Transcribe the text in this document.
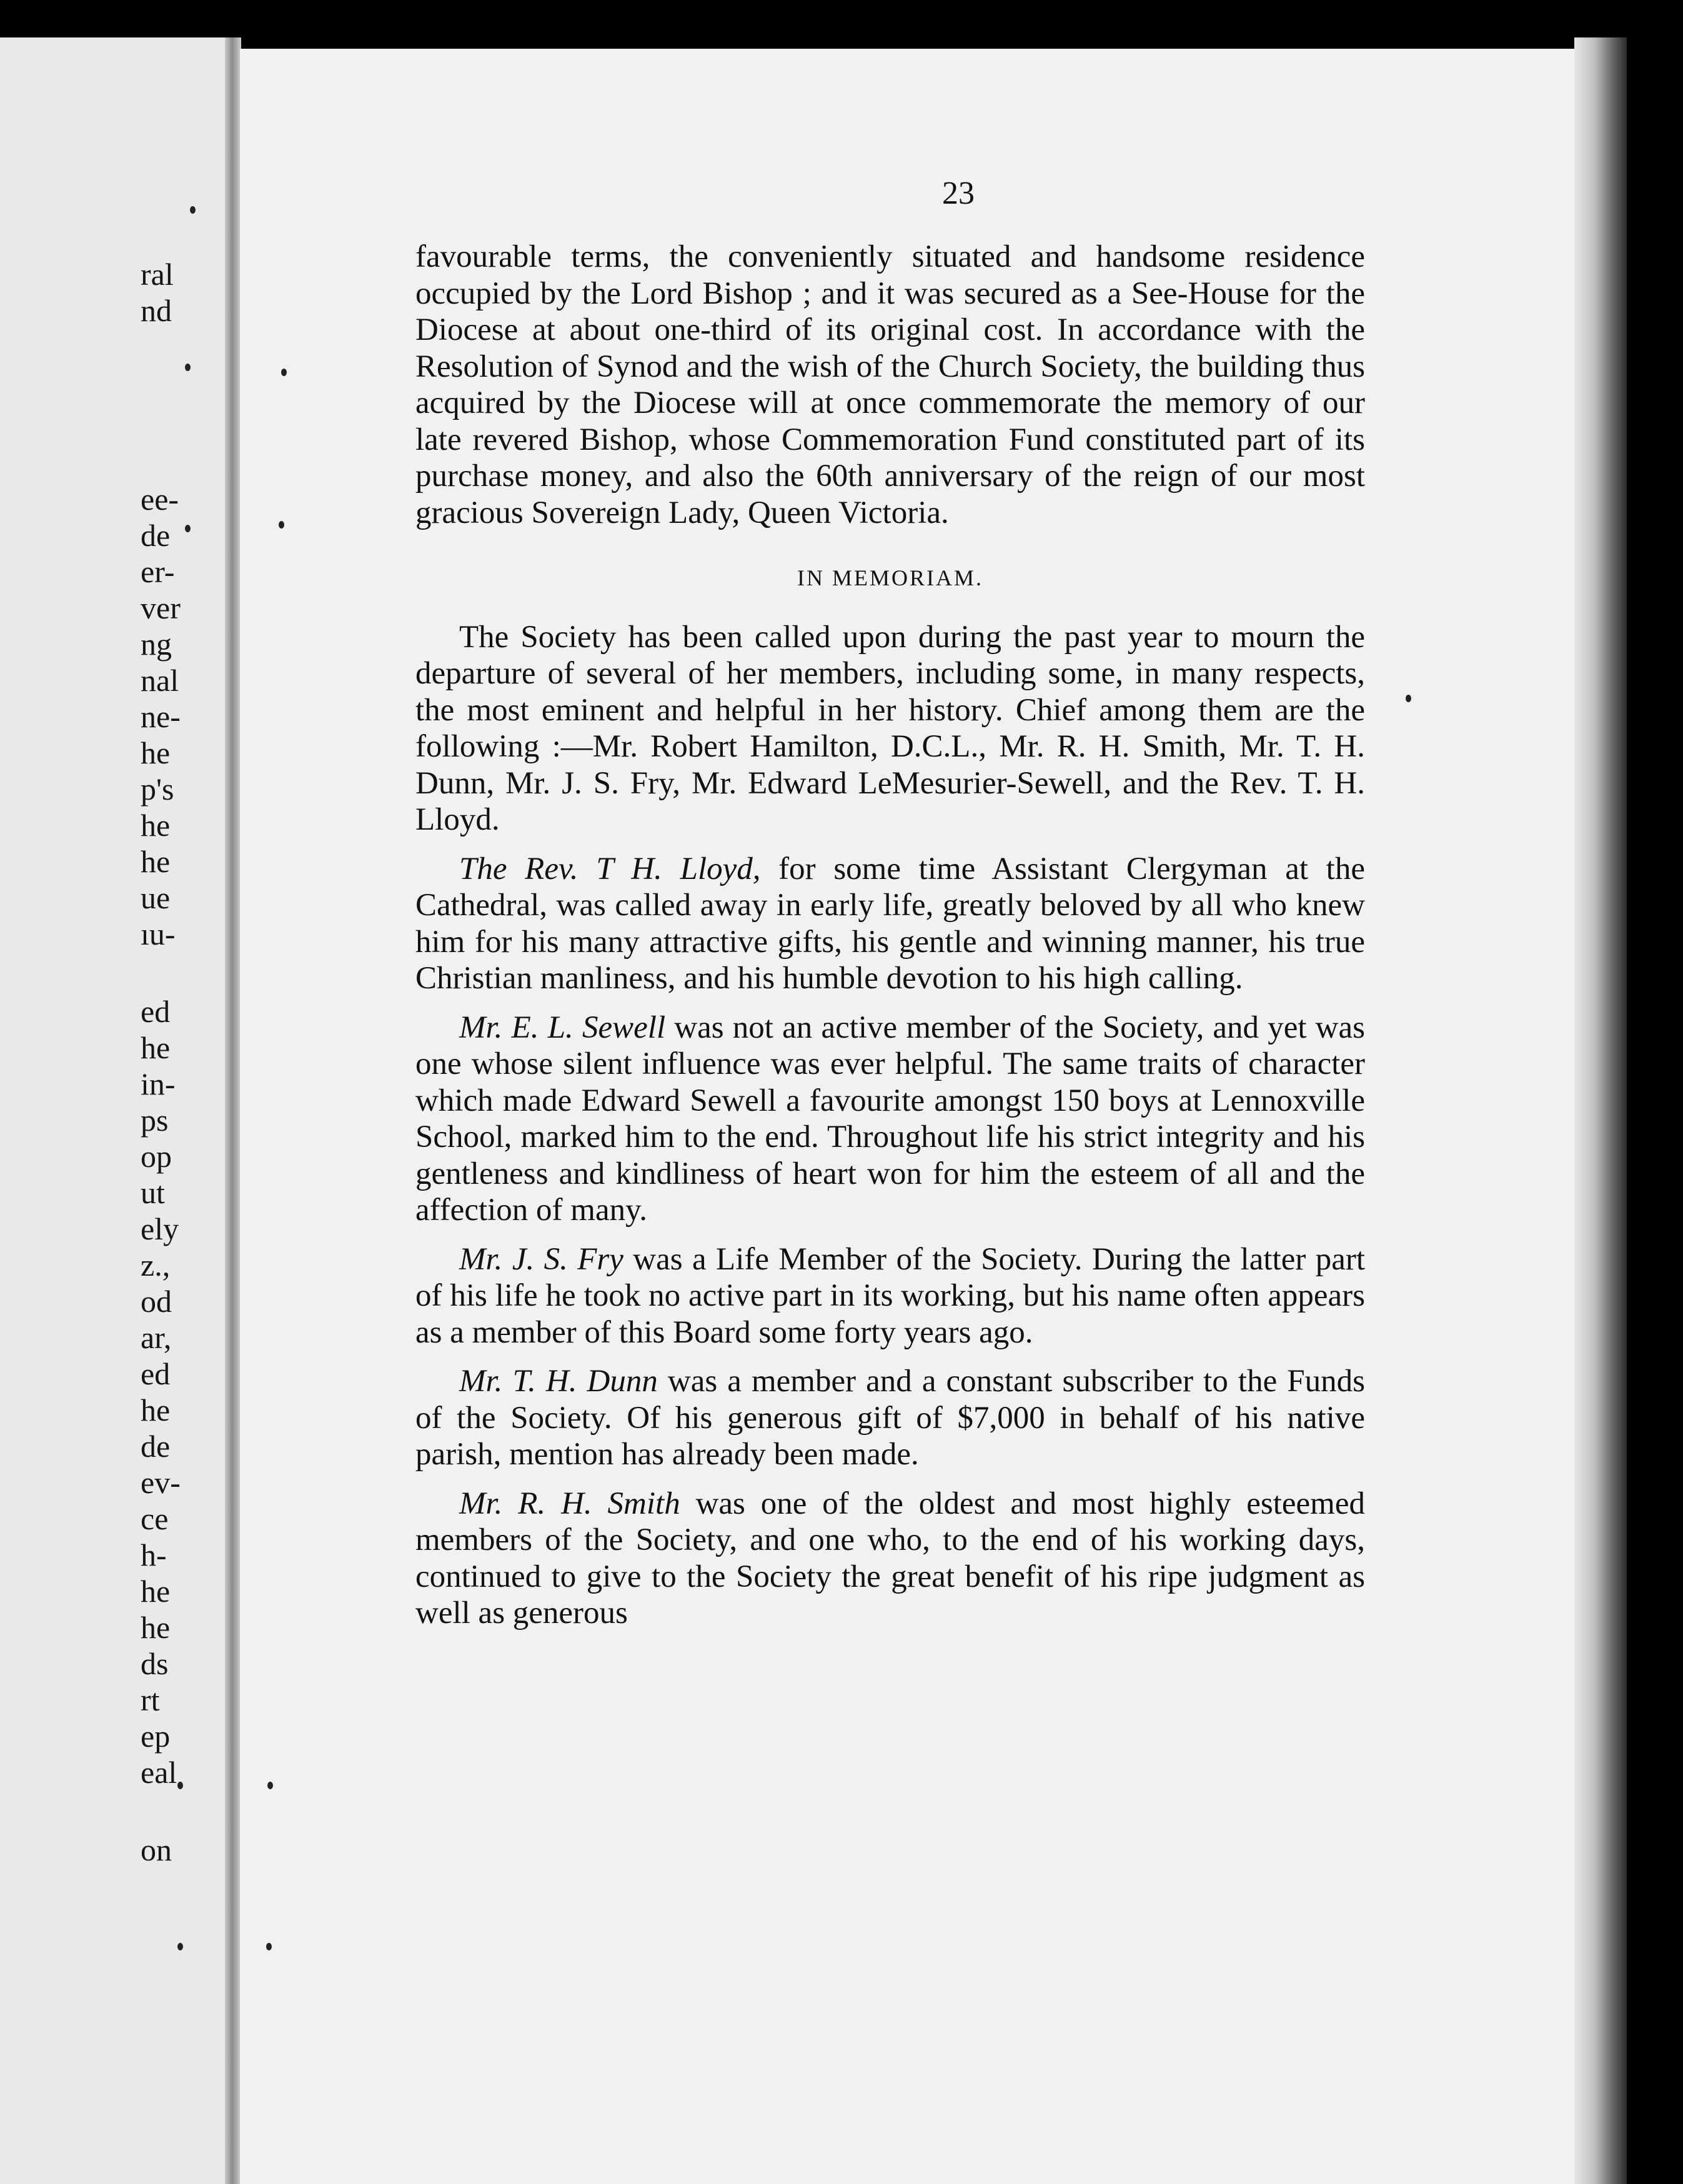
ral
nd
ee-
de
er-
ver
ng
nal
ne-
he
p's
he
he
ue
ıu-
ed
he
in-
ps
op
ut
ely
z.,
od
ar,
ed
he
de
ev-
ce
h-
he
he
ds
rt
ep
eal
on
23

favourable terms, the conveniently situated and handsome residence occupied by the Lord Bishop ; and it was secured as a See-House for the Diocese at about one-third of its original cost. In accordance with the Resolution of Synod and the wish of the Church Society, the building thus acquired by the Diocese will at once commemorate the memory of our late revered Bishop, whose Commemoration Fund constituted part of its purchase money, and also the 60th anniversary of the reign of our most gracious Sovereign Lady, Queen Victoria.

IN MEMORIAM.

The Society has been called upon during the past year to mourn the departure of several of her members, including some, in many respects, the most eminent and helpful in her history. Chief among them are the following :—Mr. Robert Hamilton, D.C.L., Mr. R. H. Smith, Mr. T. H. Dunn, Mr. J. S. Fry, Mr. Edward LeMesurier-Sewell, and the Rev. T. H. Lloyd.

The Rev. T H. Lloyd, for some time Assistant Clergyman at the Cathedral, was called away in early life, greatly beloved by all who knew him for his many attractive gifts, his gentle and winning manner, his true Christian manliness, and his humble devotion to his high calling.

Mr. E. L. Sewell was not an active member of the Society, and yet was one whose silent influence was ever helpful. The same traits of character which made Edward Sewell a favourite amongst 150 boys at Lennoxville School, marked him to the end. Throughout life his strict integrity and his gentleness and kindliness of heart won for him the esteem of all and the affection of many.

Mr. J. S. Fry was a Life Member of the Society. During the latter part of his life he took no active part in its working, but his name often appears as a member of this Board some forty years ago.

Mr. T. H. Dunn was a member and a constant subscriber to the Funds of the Society. Of his generous gift of $7,000 in behalf of his native parish, mention has already been made.

Mr. R. H. Smith was one of the oldest and most highly esteemed members of the Society, and one who, to the end of his working days, continued to give to the Society the great benefit of his ripe judgment as well as generous
